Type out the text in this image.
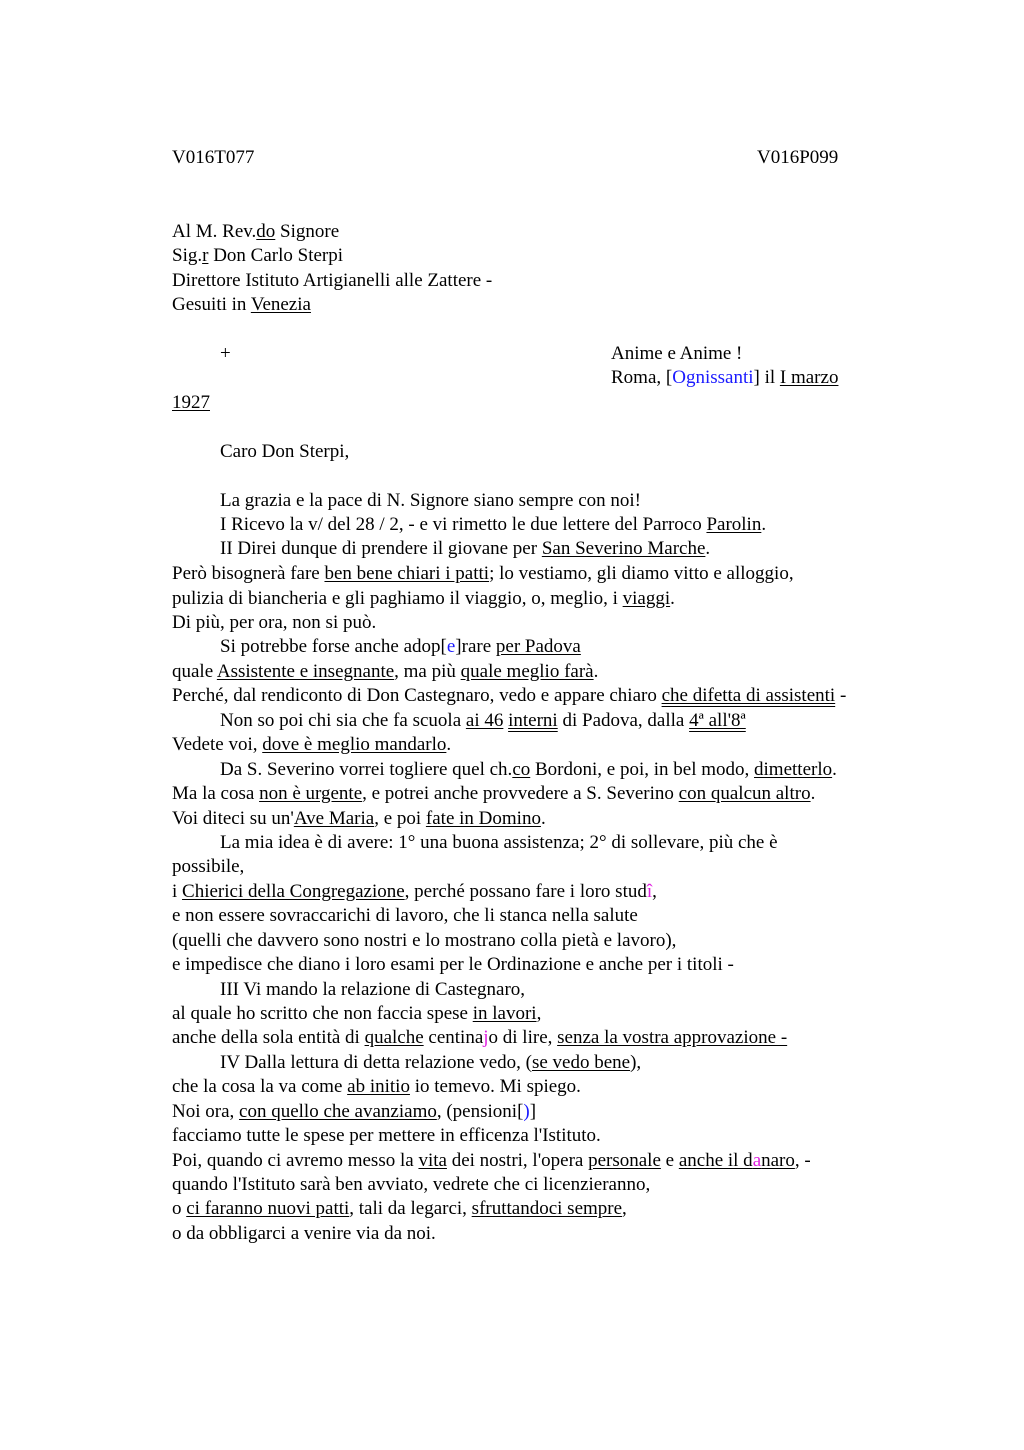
V016T077	V016P099
Al M. Rev.do Signore
Sig.r Don Carlo Sterpi
Direttore Istituto Artigianelli alle Zattere -
Gesuiti in Venezia
+	Anime e Anime !
Roma, [Ognissanti] il I marzo
1927
Caro Don Sterpi,
La grazia e la pace di N. Signore siano sempre con noi!
I Ricevo la v/ del 28 / 2, - e vi rimetto le due lettere del Parroco Parolin.
II Direi dunque di prendere il giovane per San Severino Marche.
Però bisognerà fare ben bene chiari i patti; lo vestiamo, gli diamo vitto e alloggio,
pulizia di biancheria e gli paghiamo il viaggio, o, meglio, i viaggi.
Di più, per ora, non si può.
Si potrebbe forse anche adop[e]rare per Padova
quale Assistente e insegnante, ma più quale meglio farà.
Perché, dal rendiconto di Don Castegnaro, vedo e appare chiaro che difetta di assistenti -
Non so poi chi sia che fa scuola ai 46 interni di Padova, dalla 4ª all'8ª
Vedete voi, dove è meglio mandarlo.
Da S. Severino vorrei togliere quel ch.co Bordoni, e poi, in bel modo, dimetterlo.
Ma la cosa non è urgente, e potrei anche provvedere a S. Severino con qualcun altro.
Voi diteci su un'Ave Maria, e poi fate in Domino.
La mia idea è di avere: 1° una buona assistenza; 2° di sollevare, più che è
possibile,
i Chierici della Congregazione, perché possano fare i loro studî,
e non essere sovraccarichi di lavoro, che li stanca nella salute
(quelli che davvero sono nostri e lo mostrano colla pietà e lavoro),
e impedisce che diano i loro esami per le Ordinazione e anche per i titoli -
III Vi mando la relazione di Castegnaro,
al quale ho scritto che non faccia spese in lavori,
anche della sola entità di qualche centinajo di lire, senza la vostra approvazione -
IV Dalla lettura di detta relazione vedo, (se vedo bene),
che la cosa la va come ab initio io temevo. Mi spiego.
Noi ora, con quello che avanziamo, (pensioni[)]
facciamo tutte le spese per mettere in efficenza l'Istituto.
Poi, quando ci avremo messo la vita dei nostri, l'opera personale e anche il danaro, -
quando l'Istituto sarà ben avviato, vedrete che ci licenzieranno,
o ci faranno nuovi patti, tali da legarci, sfruttandoci sempre,
o da obbligarci a venire via da noi.
